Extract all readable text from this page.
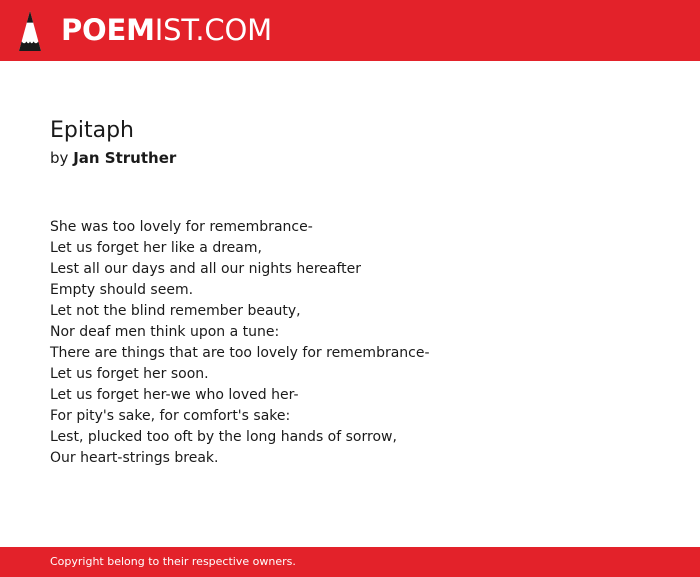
POEMIST.COM
Epitaph
by Jan Struther
She was too lovely for remembrance-
Let us forget her like a dream,
Lest all our days and all our nights hereafter
Empty should seem.
Let not the blind remember beauty,
Nor deaf men think upon a tune:
There are things that are too lovely for remembrance-
Let us forget her soon.
Let us forget her-we who loved her-
For pity's sake, for comfort's sake:
Lest, plucked too oft by the long hands of sorrow,
Our heart-strings break.
Copyright belong to their respective owners.
